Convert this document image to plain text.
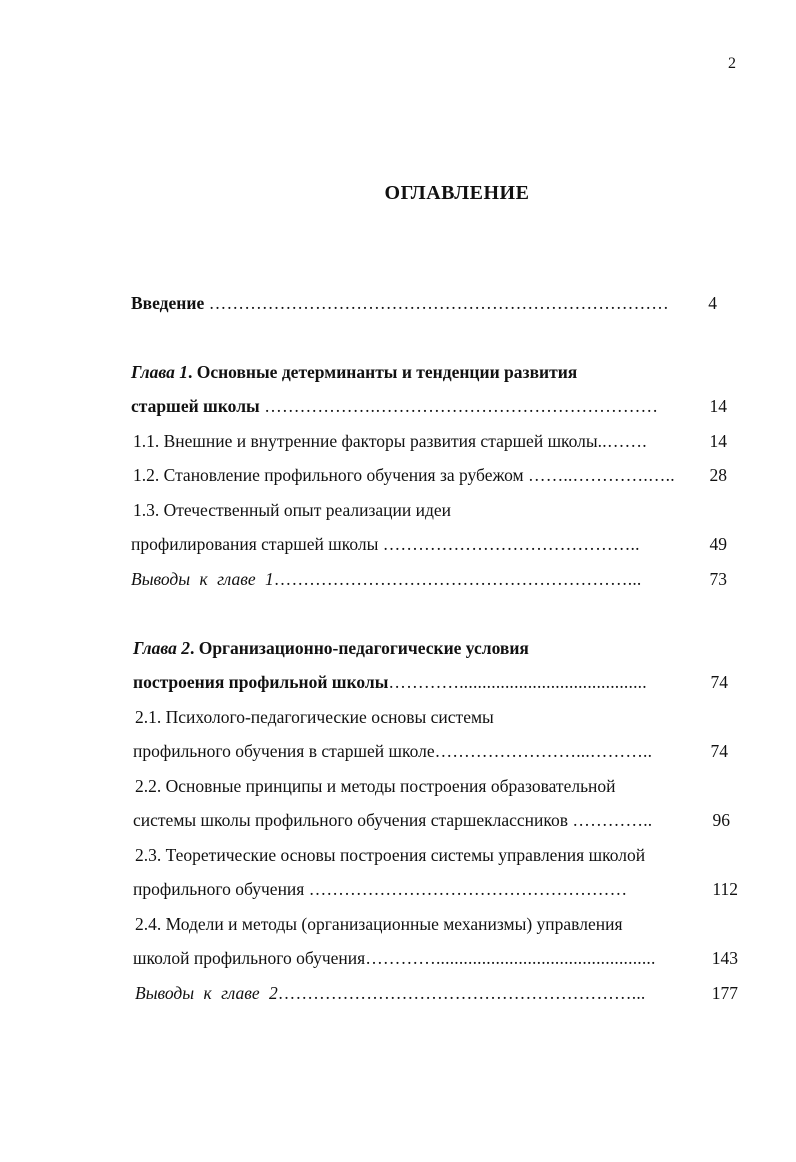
2
ОГЛАВЛЕНИЕ
Введение ……………………………………………………………………	4
Глава 1. Основные детерминанты и тенденции развития
старшей школы ……………….…………………………………………	14
1.1. Внешние и внутренние факторы развития старшей школы..…….	14
1.2. Становление профильного обучения за рубежом ……..………….…..	28
1.3. Отечественный опыт реализации идеи
профилирования старшей школы ……………………………………..	49
Выводы к главе 1……………………………………………………...	73
Глава 2. Организационно-педагогические условия
построения профильной школы………….........................................	74
2.1. Психолого-педагогические основы системы
профильного обучения в старшей школе……………………...………..	74
2.2. Основные принципы и методы построения образовательной
системы школы профильного обучения старшеклассников …………..	96
2.3. Теоретические основы построения системы управления школой
профильного обучения ………………………………………………	112
2.4. Модели и методы (организационные механизмы) управления
школой профильного обучения…………................................................	143
Выводы к главе 2……………………………………………………...	177
